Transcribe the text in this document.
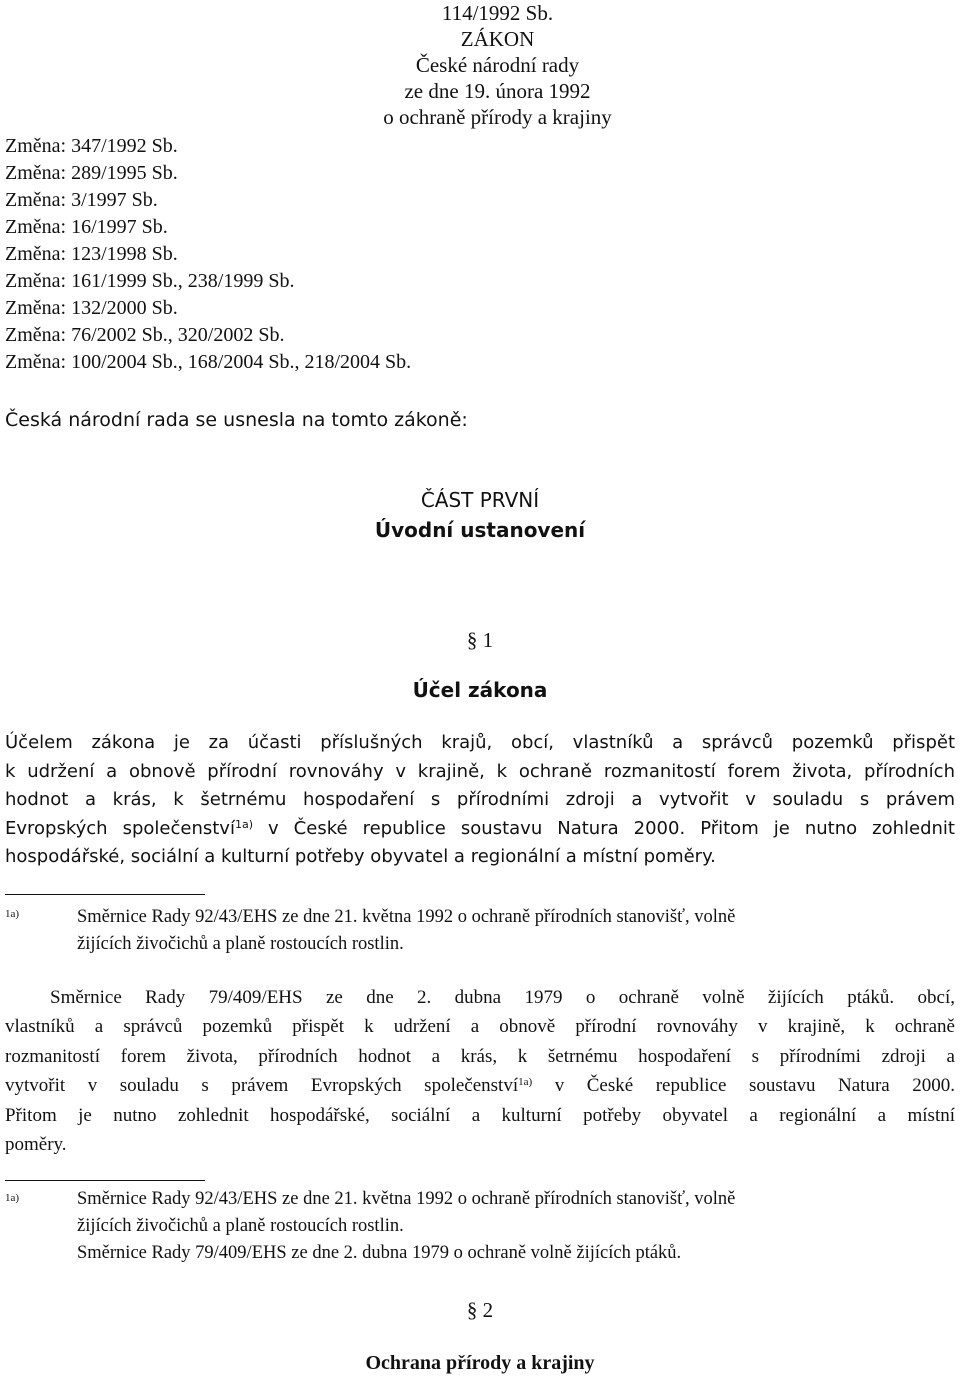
114/1992 Sb.
ZÁKON
České národní rady
ze dne 19. února 1992
o ochraně přírody a krajiny
Změna: 347/1992 Sb.
Změna: 289/1995 Sb.
Změna: 3/1997 Sb.
Změna: 16/1997 Sb.
Změna: 123/1998 Sb.
Změna: 161/1999 Sb., 238/1999 Sb.
Změna: 132/2000 Sb.
Změna: 76/2002 Sb., 320/2002 Sb.
Změna: 100/2004 Sb., 168/2004 Sb., 218/2004 Sb.
Česká národní rada se usnesla na tomto zákoně:
ČÁST PRVNÍ
Úvodní ustanovení
§ 1
Účel zákona
Účelem zákona je za účasti příslušných krajů, obcí, vlastníků a správců pozemků přispět
k udržení a obnově přírodní rovnováhy v krajině, k ochraně rozmanitostí forem života, přírodních
hodnot a krás, k šetrnému hospodaření s přírodními zdroji a vytvořit v souladu s právem
Evropských společenství$^{1a)}$ v České republice soustavu Natura 2000. Přitom je nutno zohlednit
hospodářské, sociální a kulturní potřeby obyvatel a regionální a místní poměry.
1a)	Směrnice Rady 92/43/EHS ze dne 21. května 1992 o ochraně přírodních stanovišť, volně
žijících živočichů a planě rostoucích rostlin.
Směrnice Rady 79/409/EHS ze dne 2. dubna 1979 o ochraně volně žijících ptáků. obcí,
vlastníků a správců pozemků přispět k udržení a obnově přírodní rovnováhy v krajině, k ochraně
rozmanitostí forem života, přírodních hodnot a krás, k šetrnému hospodaření s přírodními zdroji a
vytvořit v souladu s právem Evropských společenství$^{1a)}$ v České republice soustavu Natura 2000.
Přitom je nutno zohlednit hospodářské, sociální a kulturní potřeby obyvatel a regionální a místní
poměry.
1a)	Směrnice Rady 92/43/EHS ze dne 21. května 1992 o ochraně přírodních stanovišť, volně
žijících živočichů a planě rostoucích rostlin.
Směrnice Rady 79/409/EHS ze dne 2. dubna 1979 o ochraně volně žijících ptáků.
§ 2
Ochrana přírody a krajiny
